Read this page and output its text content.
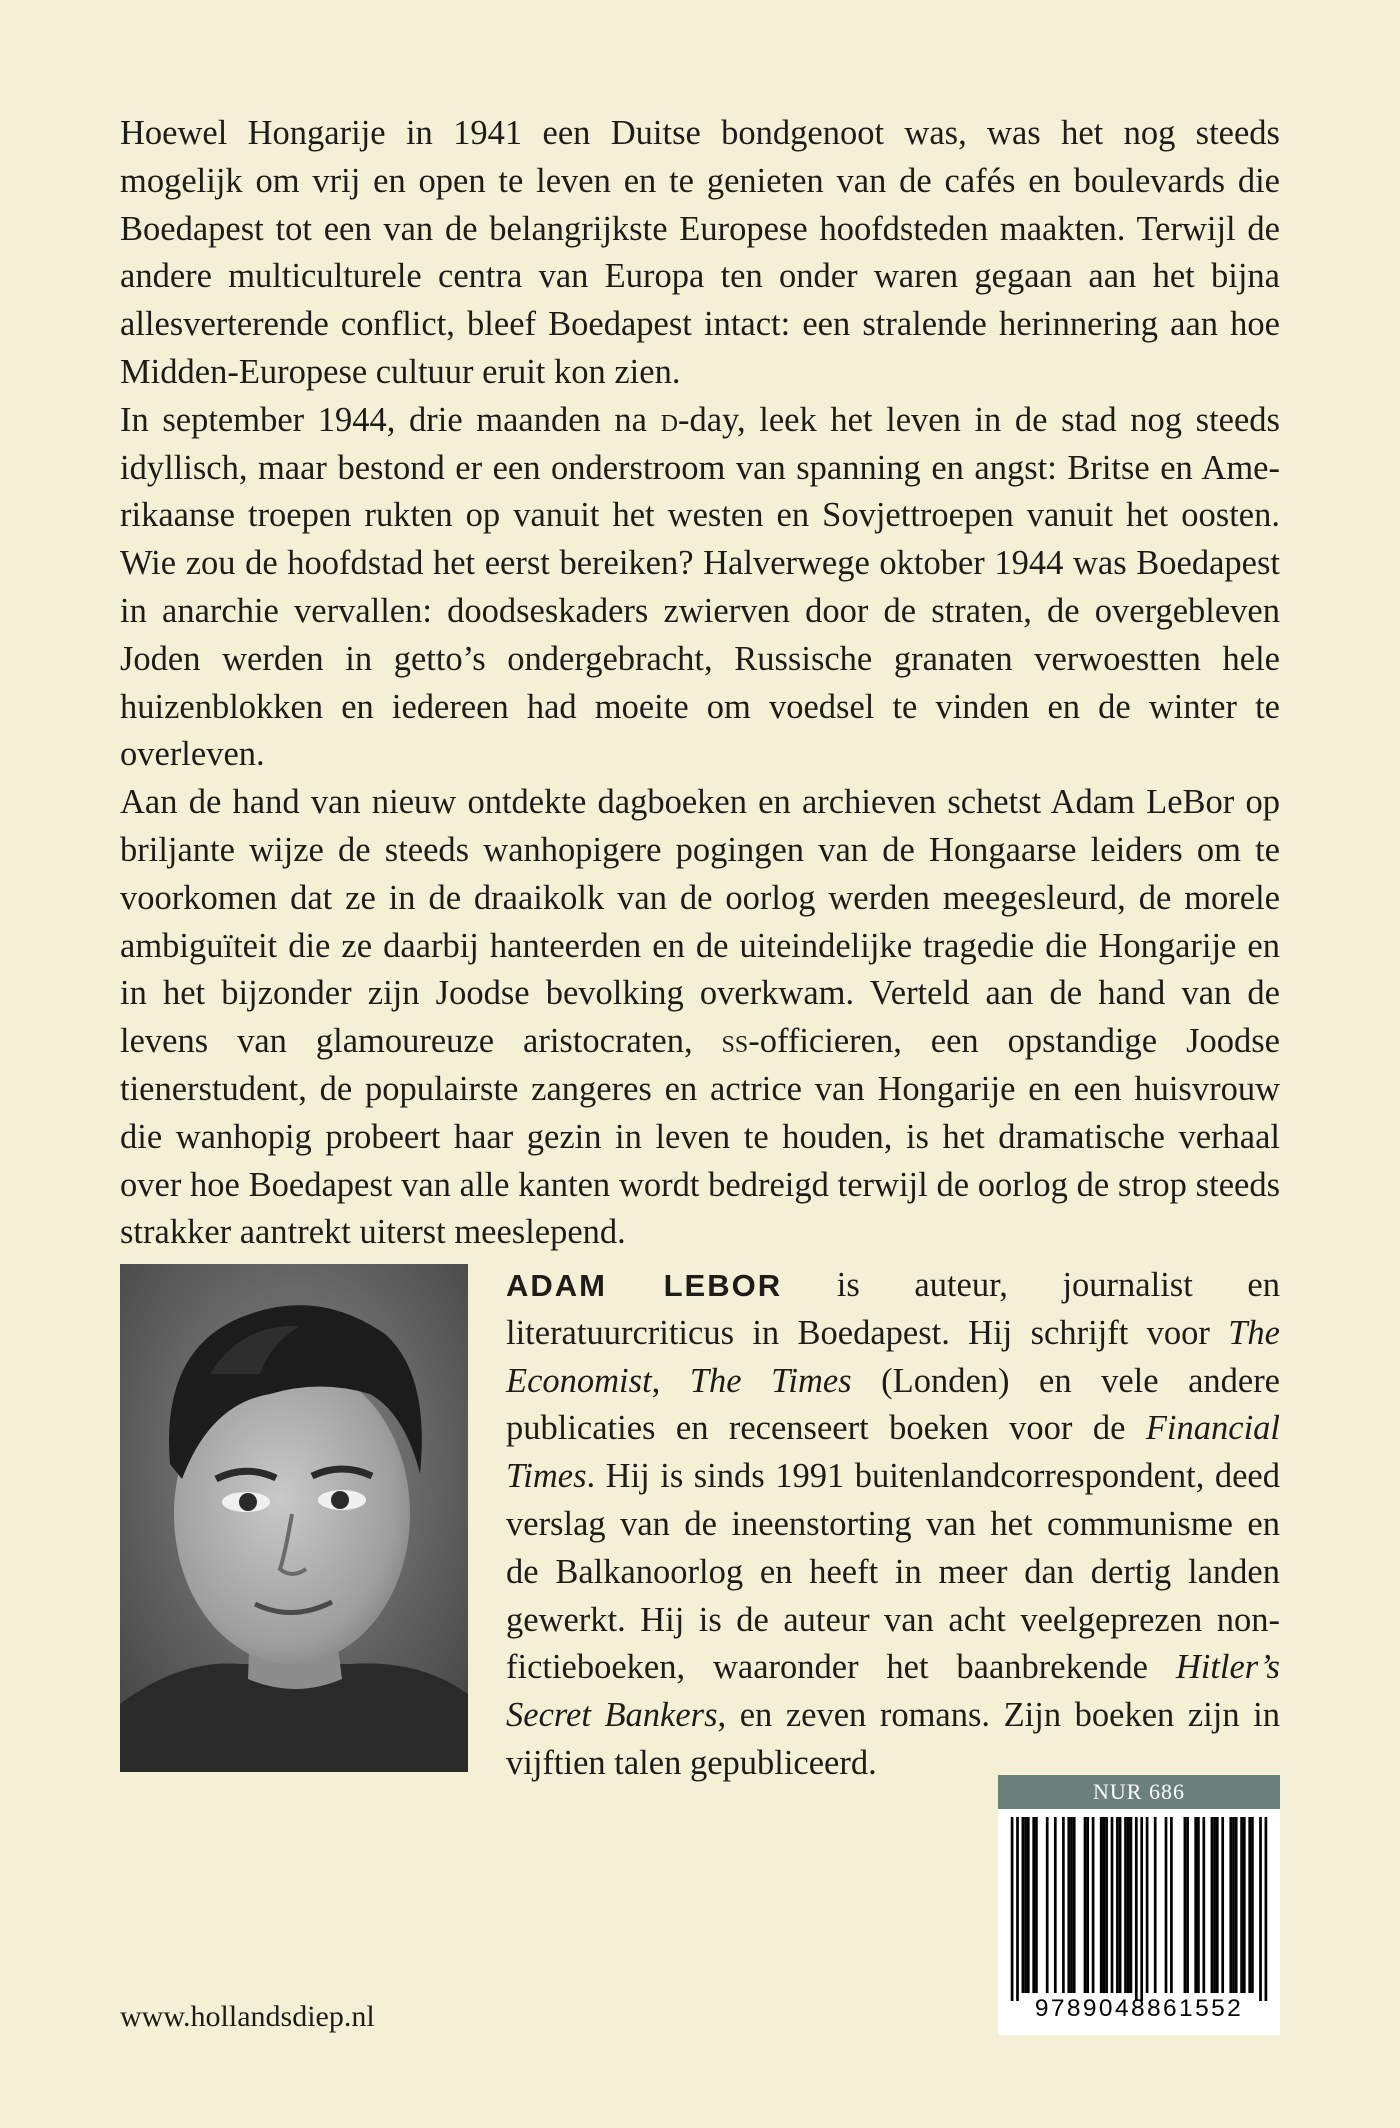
Hoewel Hongarije in 1941 een Duitse bondgenoot was, was het nog steeds mogelijk om vrij en open te leven en te genieten van de cafés en boulevards die Boedapest tot een van de belangrijkste Europese hoofdsteden maakten. Terwijl de andere multiculturele centra van Europa ten onder waren gegaan aan het bijna allesverterende conflict, bleef Boedapest intact: een stralende herinnering aan hoe Midden-Europese cultuur eruit kon zien.

In september 1944, drie maanden na d-day, leek het leven in de stad nog steeds idyllisch, maar bestond er een onderstroom van spanning en angst: Britse en Amerikaanse troepen rukten op vanuit het westen en Sovjettroepen vanuit het oosten. Wie zou de hoofdstad het eerst bereiken? Halverwege oktober 1944 was Boedapest in anarchie vervallen: doodseskaders zwierven door de straten, de overgebleven Joden werden in getto’s ondergebracht, Russische granaten verwoestten hele huizenblokken en iedereen had moeite om voedsel te vinden en de winter te overleven.

Aan de hand van nieuw ontdekte dagboeken en archieven schetst Adam LeBor op briljante wijze de steeds wanhopigere pogingen van de Hongaarse leiders om te voorkomen dat ze in de draaikolk van de oorlog werden meegesleurd, de morele ambiguïteit die ze daarbij hanteerden en de uiteindelijke tragedie die Hongarije en in het bijzonder zijn Joodse bevolking overkwam. Verteld aan de hand van de levens van glamoureuze aristocraten, ss-officieren, een opstandige Joodse tienerstudent, de populairste zangeres en actrice van Hongarije en een huisvrouw die wanhopig probeert haar gezin in leven te houden, is het dramatische verhaal over hoe Boedapest van alle kanten wordt bedreigd terwijl de oorlog de strop steeds strakker aantrekt uiterst meeslepend.

ADAM LEBOR is auteur, journalist en literatuurcriticus in Boedapest. Hij schrijft voor The Economist, The Times (Londen) en vele andere publicaties en recenseert boeken voor de Financial Times. Hij is sinds 1991 buitenlandcorrespondent, deed verslag van de ineenstorting van het communisme en de Balkanoorlog en heeft in meer dan dertig landen gewerkt. Hij is de auteur van acht veelgeprezen non-fictieboeken, waaronder het baanbrekende Hitler’s Secret Bankers, en zeven romans. Zijn boeken zijn in vijftien talen gepubliceerd.

NUR 686
9789048861552
www.hollandsdiep.nl
